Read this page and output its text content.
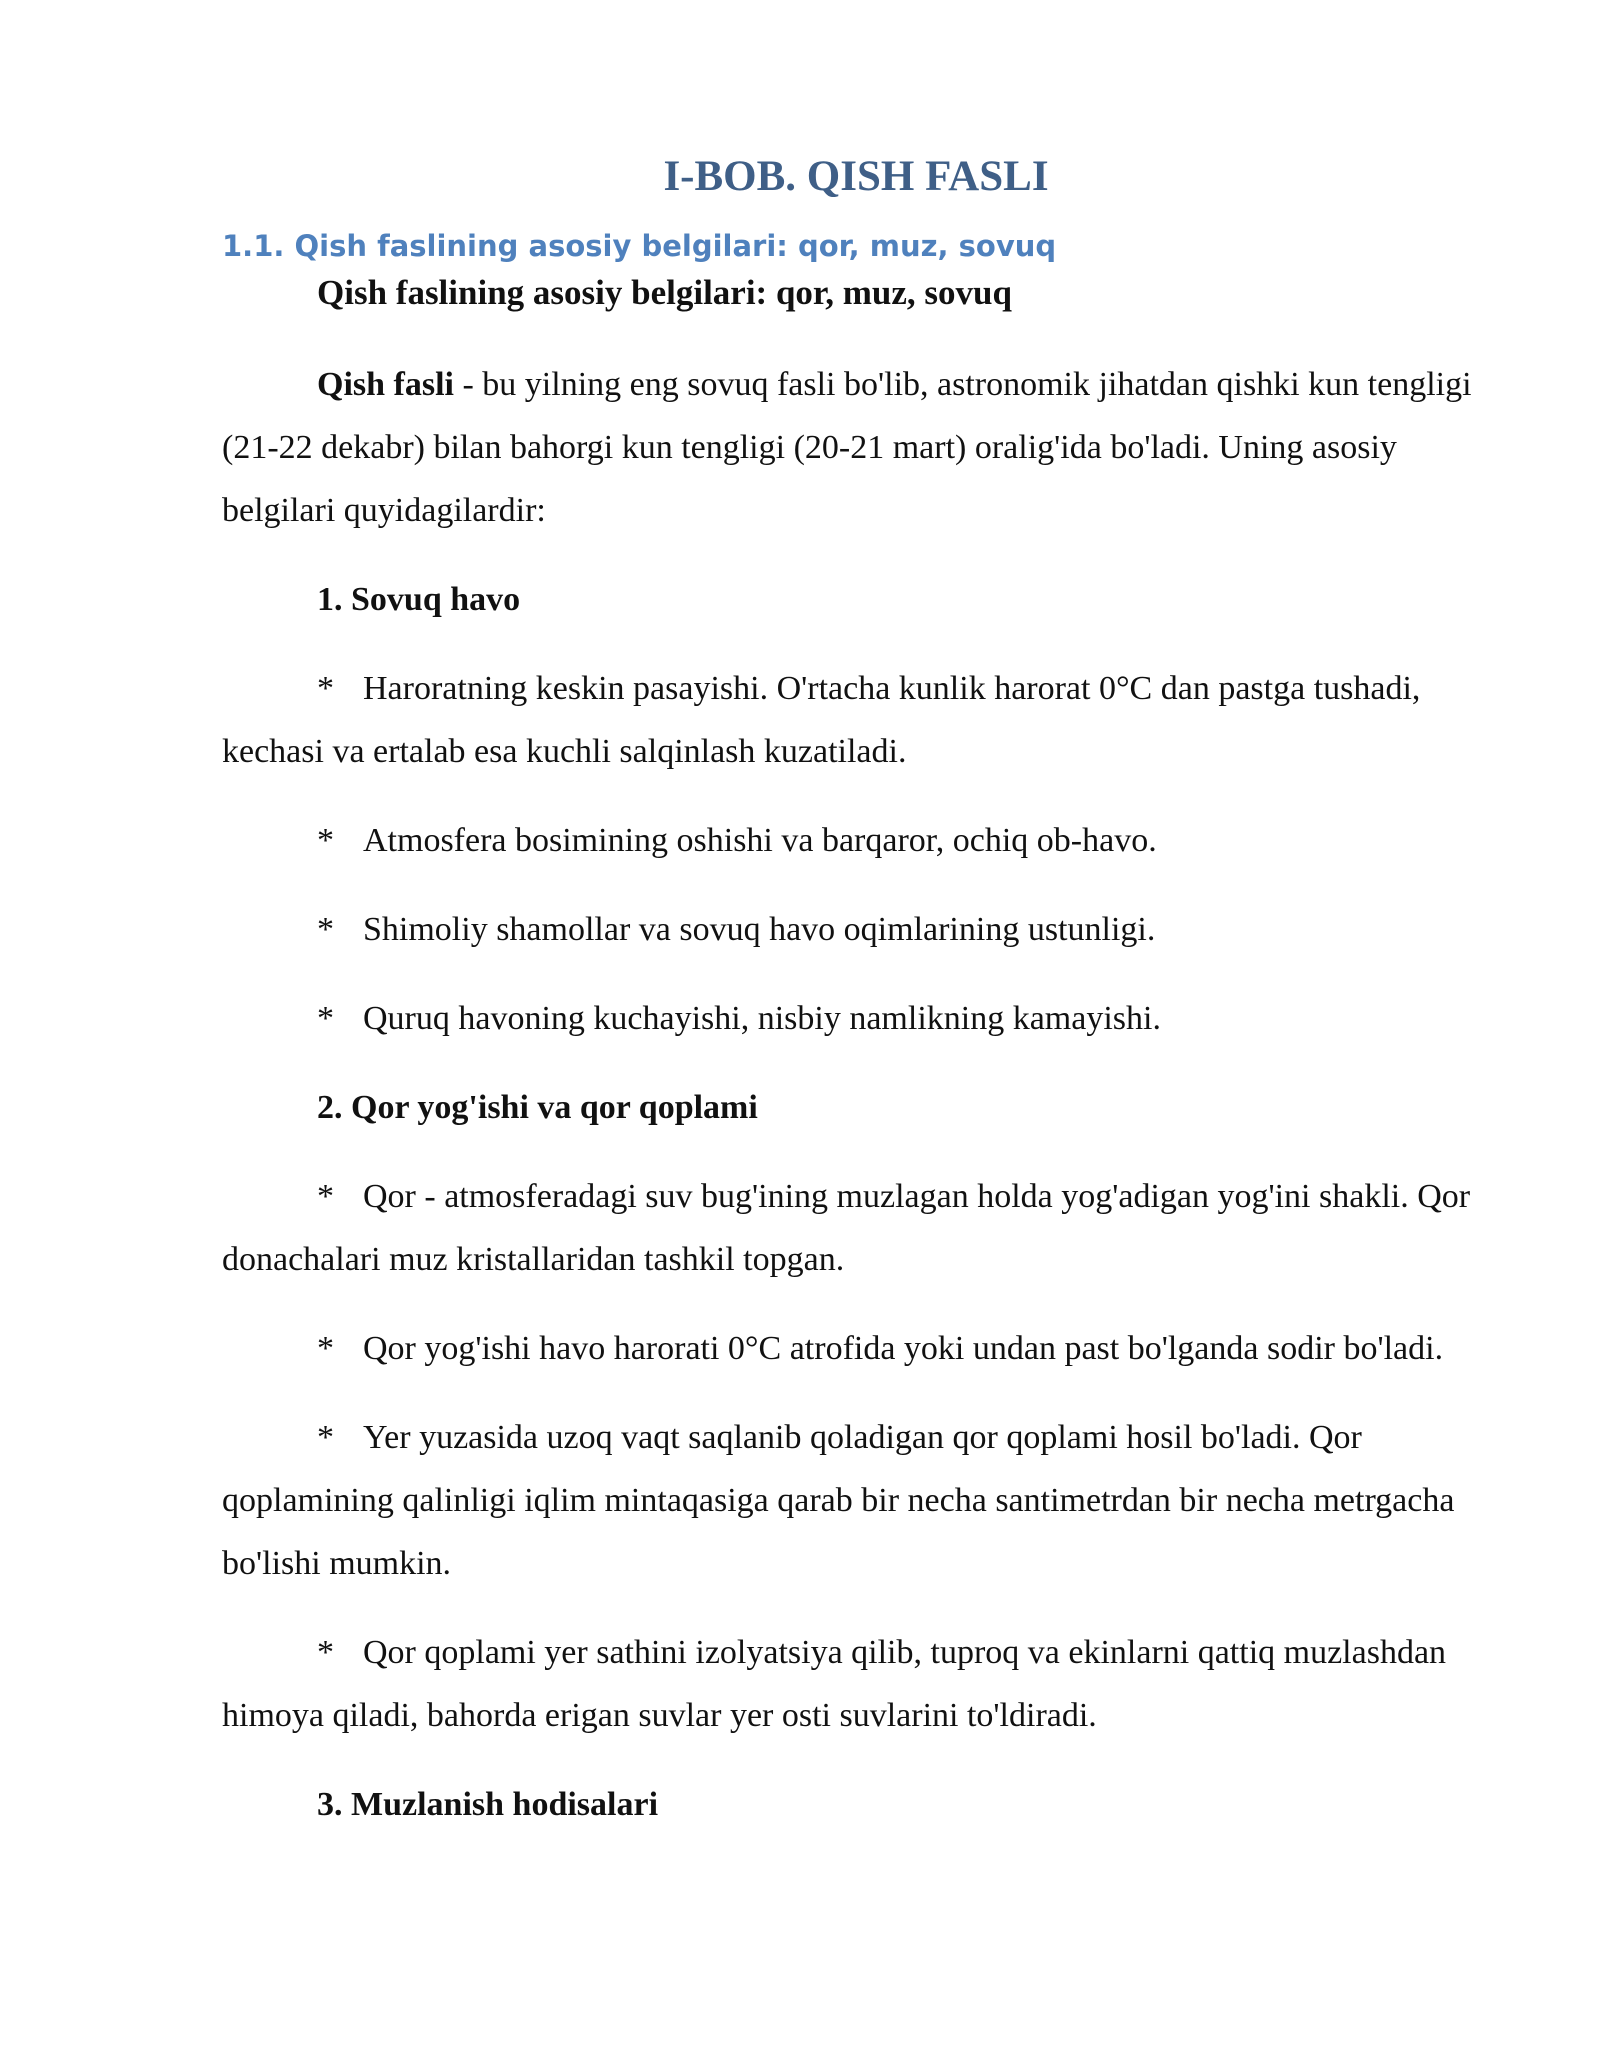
I-BOB. QISH FASLI
1.1. Qish faslining asosiy belgilari: qor, muz, sovuq

Qish faslining asosiy belgilari: qor, muz, sovuq

Qish fasli - bu yilning eng sovuq fasli bo'lib, astronomik jihatdan qishki kun tengligi (21-22 dekabr) bilan bahorgi kun tengligi (20-21 mart) oralig'ida bo'ladi. Uning asosiy belgilari quyidagilardir:

1. Sovuq havo

* Haroratning keskin pasayishi. O'rtacha kunlik harorat 0°C dan pastga tushadi, kechasi va ertalab esa kuchli salqinlash kuzatiladi.

* Atmosfera bosimining oshishi va barqaror, ochiq ob-havo.

* Shimoliy shamollar va sovuq havo oqimlarining ustunligi.

* Quruq havoning kuchayishi, nisbiy namlikning kamayishi.

2. Qor yog'ishi va qor qoplami

* Qor - atmosferadagi suv bug'ining muzlagan holda yog'adigan yog'ini shakli. Qor donachalari muz kristallaridan tashkil topgan.

* Qor yog'ishi havo harorati 0°C atrofida yoki undan past bo'lganda sodir bo'ladi.

* Yer yuzasida uzoq vaqt saqlanib qoladigan qor qoplami hosil bo'ladi. Qor qoplamining qalinligi iqlim mintaqasiga qarab bir necha santimetrdan bir necha metrgacha bo'lishi mumkin.

* Qor qoplami yer sathini izolyatsiya qilib, tuproq va ekinlarni qattiq muzlashdan himoya qiladi, bahorda erigan suvlar yer osti suvlarini to'ldiradi.

3. Muzlanish hodisalari
